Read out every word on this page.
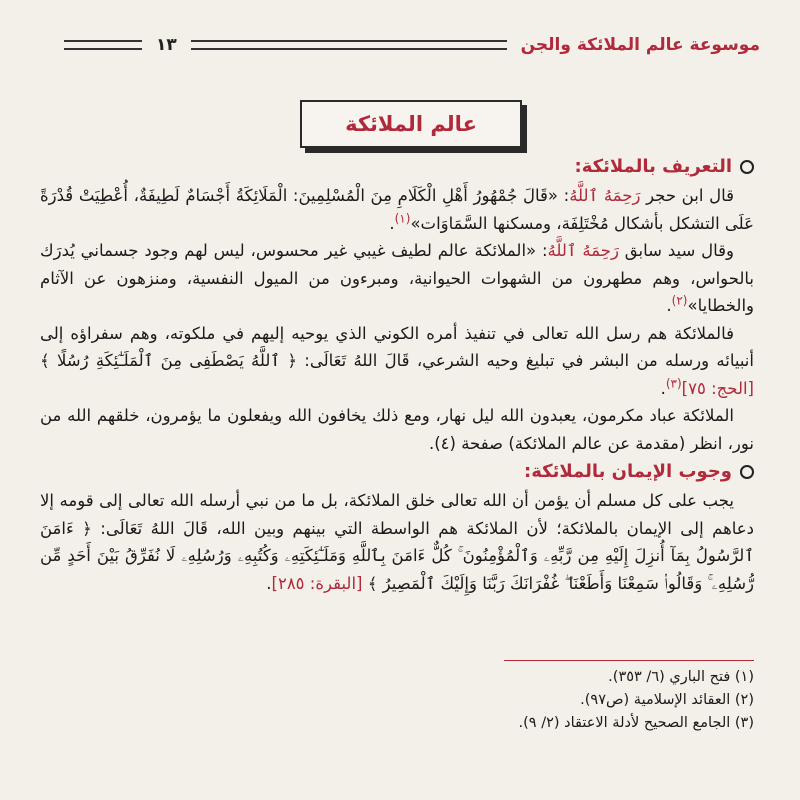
موسوعة عالم الملائكة والجن
١٣
عالم الملائكة
التعريف بالملائكة:

قال ابن حجر رَحِمَهُ ٱللَّهُ: «قَالَ جُمْهُورُ أَهْلِ الْكَلَامِ مِنَ الْمُسْلِمِينَ: الْمَلَائِكَةُ أَجْسَامٌ لَطِيفَةٌ، أُعْطِيَتْ قُدْرَةً عَلَى التشكل بأشكال مُخْتَلِفَة، ومسكنها السَّمَاوَات»$^{(١)}$.

وقال سيد سابق رَحِمَهُ ٱللَّهُ: «الملائكة عالم لطيف غيبي غير محسوس، ليس لهم وجود جسماني يُدرَك بالحواس، وهم مطهرون من الشهوات الحيوانية، ومبرءون من الميول النفسية، ومنزهون عن الآثام والخطايا»$^{(٢)}$.

فالملائكة هم رسل الله تعالى في تنفيذ أمره الكوني الذي يوحيه إليهم في ملكوته، وهم سفراؤه إلى أنبيائه ورسله من البشر في تبليغ وحيه الشرعي، قَالَ اللهُ تَعَالَى: ﴿ ٱللَّهُ يَصْطَفِى مِنَ ٱلْمَلَـٰٓئِكَةِ رُسُلًا ﴾ [الحج: ٧٥]$^{(٣)}$.

الملائكة عباد مكرمون، يعبدون الله ليل نهار، ومع ذلك يخافون الله ويفعلون ما يؤمرون، خلقهم الله من نور، انظر (مقدمة عن عالم الملائكة) صفحة (٤).

وجوب الإيمان بالملائكة:

يجب على كل مسلم أن يؤمن أن الله تعالى خلق الملائكة، بل ما من نبي أرسله الله تعالى إلى قومه إلا دعاهم إلى الإيمان بالملائكة؛ لأن الملائكة هم الواسطة التي بينهم وبين الله، قَالَ اللهُ تَعَالَى: ﴿ ءَامَنَ ٱلرَّسُولُ بِمَآ أُنزِلَ إِلَيْهِ مِن رَّبِّهِۦ وَٱلْمُؤْمِنُونَ ۚ كُلٌّ ءَامَنَ بِٱللَّهِ وَمَلَـٰٓئِكَتِهِۦ وَكُتُبِهِۦ وَرُسُلِهِۦ لَا نُفَرِّقُ بَيْنَ أَحَدٍ مِّن رُّسُلِهِۦ ۚ وَقَالُوا۟ سَمِعْنَا وَأَطَعْنَا ۖ غُفْرَانَكَ رَبَّنَا وَإِلَيْكَ ٱلْمَصِيرُ ﴾ [البقرة: ٢٨٥].

(١) فتح الباري (٦/ ٣٥٣).
(٢) العقائد الإسلامية (ص٩٧).
(٣) الجامع الصحيح لأدلة الاعتقاد (٢/ ٩).
